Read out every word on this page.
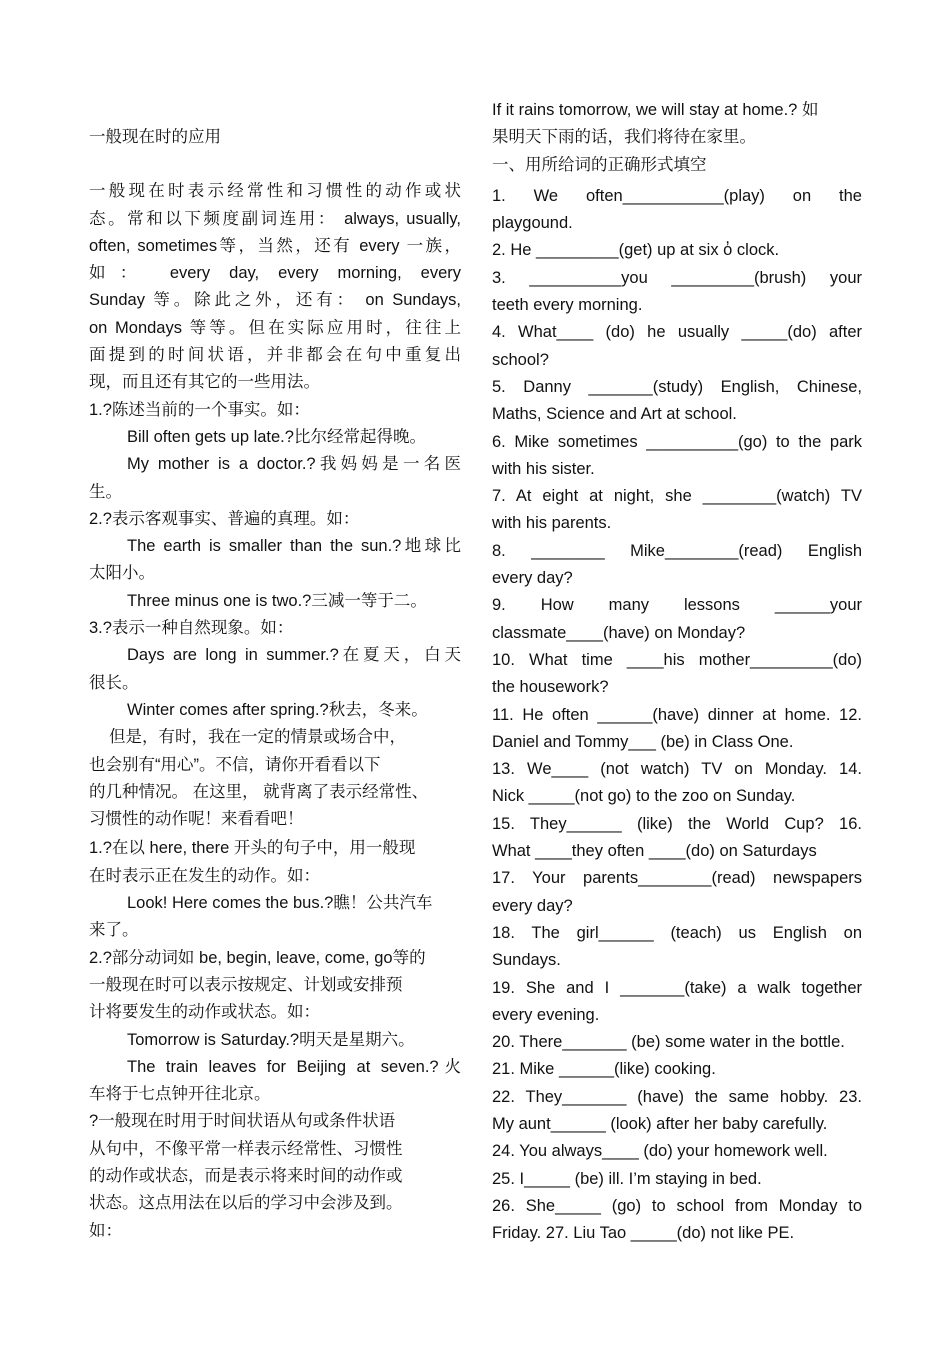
一般现在时的应用

一般现在时表示经常性和习惯性的动作或状

态。常和以下频度副词连用： always, usually,

often, sometimes等，当然，还有 every 一族，

如： every day, every morning, every

Sunday 等。除此之外，还有： on Sundays,

on Mondays 等等。但在实际应用时，往往上

面提到的时间状语，并非都会在句中重复出

现，而且还有其它的一些用法。

1.?陈述当前的一个事实。如：

Bill often gets up late.?比尔经常起得晚。

My mother is a doctor.?我妈妈是一名医

生。

2.?表示客观事实、普遍的真理。如：

The earth is smaller than the sun.?地球比

太阳小。

Three minus one is two.?三减一等于二。

3.?表示一种自然现象。如：

Days are long in summer.?在夏天，白天

很长。

Winter comes after spring.?秋去，冬来。

但是，有时，我在一定的情景或场合中，

也会别有“用心”。不信，请你开看看以下

的几种情况。 在这里， 就背离了表示经常性、

习惯性的动作呢！来看看吧！

1.?在以 here, there 开头的句子中，用一般现

在时表示正在发生的动作。如：

Look! Here comes the bus.?瞧！公共汽车

来了。

2.?部分动词如 be, begin, leave, come, go等的

一般现在时可以表示按规定、计划或安排预

计将要发生的动作或状态。如：

Tomorrow is Saturday.?明天是星期六。

The train leaves for Beijing at seven.?火

车将于七点钟开往北京。

?一般现在时用于时间状语从句或条件状语

从句中，不像平常一样表示经常性、习惯性

的动作或状态，而是表示将来时间的动作或

状态。这点用法在以后的学习中会涉及到。

如：

If it rains tomorrow, we will stay at home.? 如

果明天下雨的话，我们将待在家里。

一、用所给词的正确形式填空

1. We often___________(play) on the

playgound.

2. He _________(get) up at six o̓ clock.

3. __________you _________(brush) your

teeth every morning.

4. What____ (do) he usually _____(do) after

school?

5. Danny _______(study) English, Chinese,

Maths, Science and Art at school.

6. Mike sometimes __________(go) to the park

with his sister.

7. At eight at night, she ________(watch) TV

with his parents.

8. ________ Mike________(read) English

every day?

9. How many lessons ______your

classmate____(have) on Monday?

10. What time ____his mother_________(do)

the housework?

11. He often ______(have) dinner at home. 12.

Daniel and Tommy___ (be) in Class One.

13. We____ (not watch) TV on Monday. 14.

Nick _____(not go) to the zoo on Sunday.

15. They______ (like) the World Cup? 16.

What ____they often ____(do) on Saturdays

17. Your parents________(read) newspapers

every day?

18. The girl______ (teach) us English on

Sundays.

19. She and I _______(take) a walk together

every evening.

20. There_______ (be) some water in the bottle.

21. Mike ______(like) cooking.

22. They_______ (have) the same hobby. 23.

My aunt______ (look) after her baby carefully.

24. You always____ (do) your homework well.

25. I_____ (be) ill. I’m staying in bed.

26. She_____ (go) to school from Monday to

Friday. 27. Liu Tao _____(do) not like PE.
